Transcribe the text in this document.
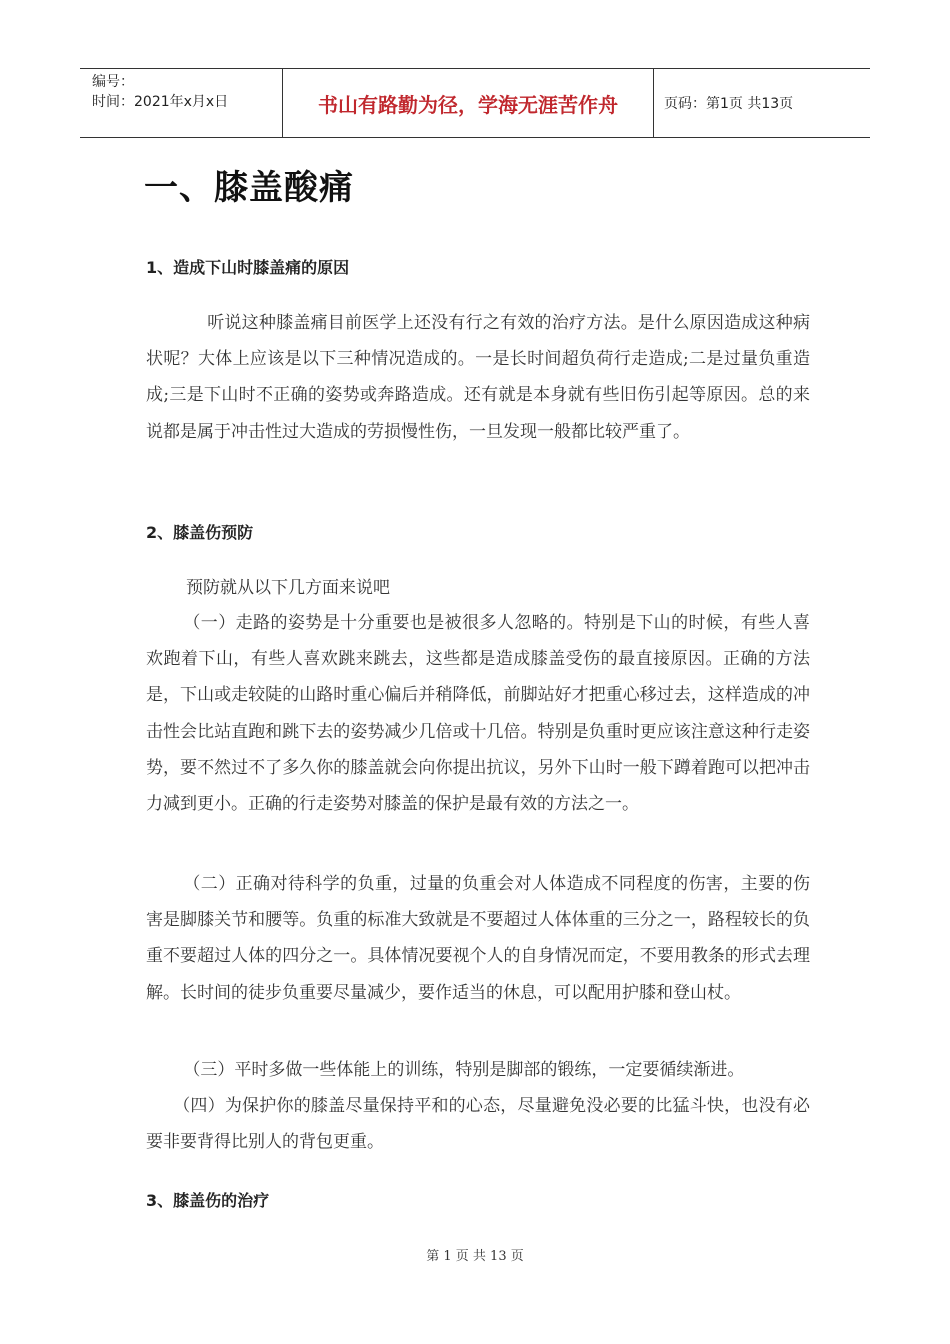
编号：
时间：2021年x月x日	书山有路勤为径，学海无涯苦作舟	页码：第1页 共13页
一、膝盖酸痛
1、造成下山时膝盖痛的原因

听说这种膝盖痛目前医学上还没有行之有效的治疗方法。是什么原因造成这种病状呢？大体上应该是以下三种情况造成的。一是长时间超负荷行走造成;二是过量负重造成;三是下山时不正确的姿势或奔路造成。还有就是本身就有些旧伤引起等原因。总的来说都是属于冲击性过大造成的劳损慢性伤，一旦发现一般都比较严重了。

2、膝盖伤预防

预防就从以下几方面来说吧

（一）走路的姿势是十分重要也是被很多人忽略的。特别是下山的时候，有些人喜欢跑着下山，有些人喜欢跳来跳去，这些都是造成膝盖受伤的最直接原因。正确的方法是，下山或走较陡的山路时重心偏后并稍降低，前脚站好才把重心移过去，这样造成的冲击性会比站直跑和跳下去的姿势减少几倍或十几倍。特别是负重时更应该注意这种行走姿势，要不然过不了多久你的膝盖就会向你提出抗议，另外下山时一般下蹲着跑可以把冲击力减到更小。正确的行走姿势对膝盖的保护是最有效的方法之一。

（二）正确对待科学的负重，过量的负重会对人体造成不同程度的伤害，主要的伤害是脚膝关节和腰等。负重的标准大致就是不要超过人体体重的三分之一，路程较长的负重不要超过人体的四分之一。具体情况要视个人的自身情况而定，不要用教条的形式去理解。长时间的徒步负重要尽量减少，要作适当的休息，可以配用护膝和登山杖。

（三）平时多做一些体能上的训练，特别是脚部的锻练，一定要循续渐进。

（四）为保护你的膝盖尽量保持平和的心态，尽量避免没必要的比猛斗快，也没有必要非要背得比别人的背包更重。

3、膝盖伤的治疗
第 1 页 共 13 页
